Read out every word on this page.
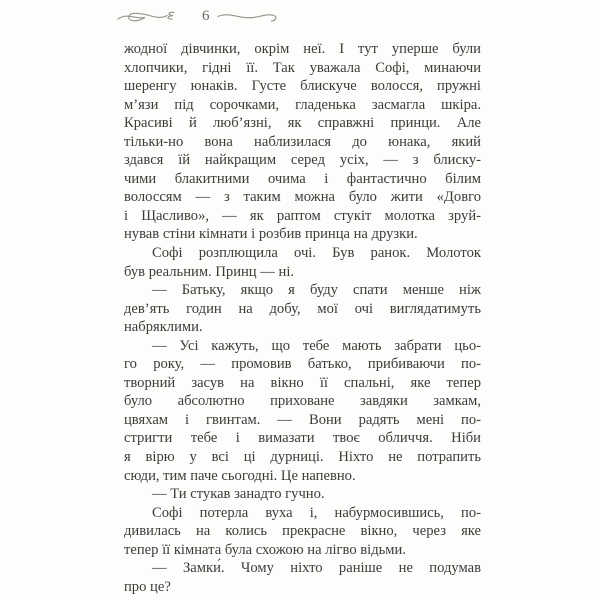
6
жодної дівчинки, окрім неї. І тут уперше були
хлопчики, гідні її. Так уважала Софі, минаючи
шеренгу юнаків. Густе блискуче волосся, пружні
м’язи під сорочками, гладенька засмагла шкіра.
Красиві й люб’язні, як справжні принци. Але
тільки-но вона наблизилася до юнака, який
здався їй найкращим серед усіх, — з блиску-
чими блакитними очима і фантастично білим
волоссям — з таким можна було жити «Довго
і Щасливо», — як раптом стукіт молотка зруй-
нував стіни кімнати і розбив принца на друзки.
Софі розплющила очі. Був ранок. Молоток
був реальним. Принц — ні.
— Батьку, якщо я буду спати менше ніж
дев’ять годин на добу, мої очі виглядатимуть
набряклими.
— Усі кажуть, що тебе мають забрати цьо-
го року, — промовив батько, прибиваючи по-
творний засув на вікно її спальні, яке тепер
було абсолютно приховане завдяки замкам,
цвяхам і гвинтам. — Вони радять мені по-
стригти тебе і вимазати твоє обличчя. Ніби
я вірю у всі ці дурниці. Ніхто не потрапить
сюди, тим паче сьогодні. Це напевно.
— Ти стукав занадто гучно.
Софі потерла вуха і, набурмосившись, по-
дивилась на колись прекрасне вікно, через яке
тепер її кімната була схожою на лігво відьми.
— Замки́. Чому ніхто раніше не подумав
про це?
